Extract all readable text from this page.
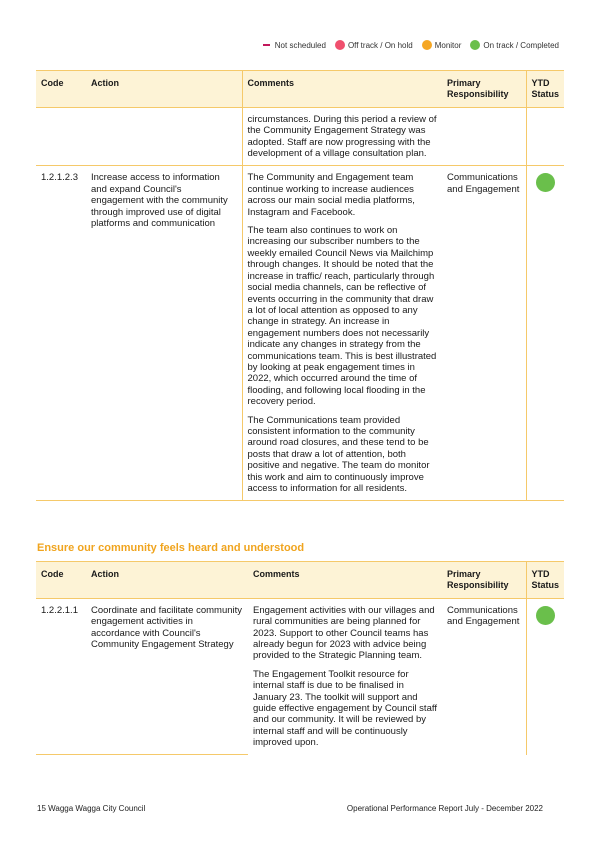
Not scheduled	Off track / On hold	Monitor	On track / Completed
Code	Action	Comments	Primary Responsibility	YTD Status
		circumstances. During this period a review of the Community Engagement Strategy was adopted. Staff are now progressing with the development of a village consultation plan.		
1.2.1.2.3	Increase access to information and expand Council's engagement with the community through improved use of digital platforms and communication	The Community and Engagement team continue working to increase audiences across our main social media platforms, Instagram and Facebook.

The team also continues to work on increasing our subscriber numbers to the weekly emailed Council News via Mailchimp through changes. It should be noted that the increase in traffic/ reach, particularly through social media channels, can be reflective of events occurring in the community that draw a lot of local attention as opposed to any change in strategy. An increase in engagement numbers does not necessarily indicate any changes in strategy from the communications team. This is best illustrated by looking at peak engagement times in 2022, which occurred around the time of flooding, and following local flooding in the recovery period.

The Communications team provided consistent information to the community around road closures, and these tend to be posts that draw a lot of attention, both positive and negative. The team do monitor this work and aim to continuously improve access to information for all residents.	Communications and Engagement	
Ensure our community feels heard and understood
Code	Action	Comments	Primary Responsibility	YTD Status
1.2.2.1.1	Coordinate and facilitate community engagement activities in accordance with Council's Community Engagement Strategy	Engagement activities with our villages and rural communities are being planned for 2023. Support to other Council teams has already begun for 2023 with advice being provided to the Strategic Planning team.

The Engagement Toolkit resource for internal staff is due to be finalised in January 23. The toolkit will support and guide effective engagement by Council staff and our community. It will be reviewed by internal staff and will be continuously improved upon.	Communications and Engagement	
15 Wagga Wagga City Council	Operational Performance Report July - December 2022
